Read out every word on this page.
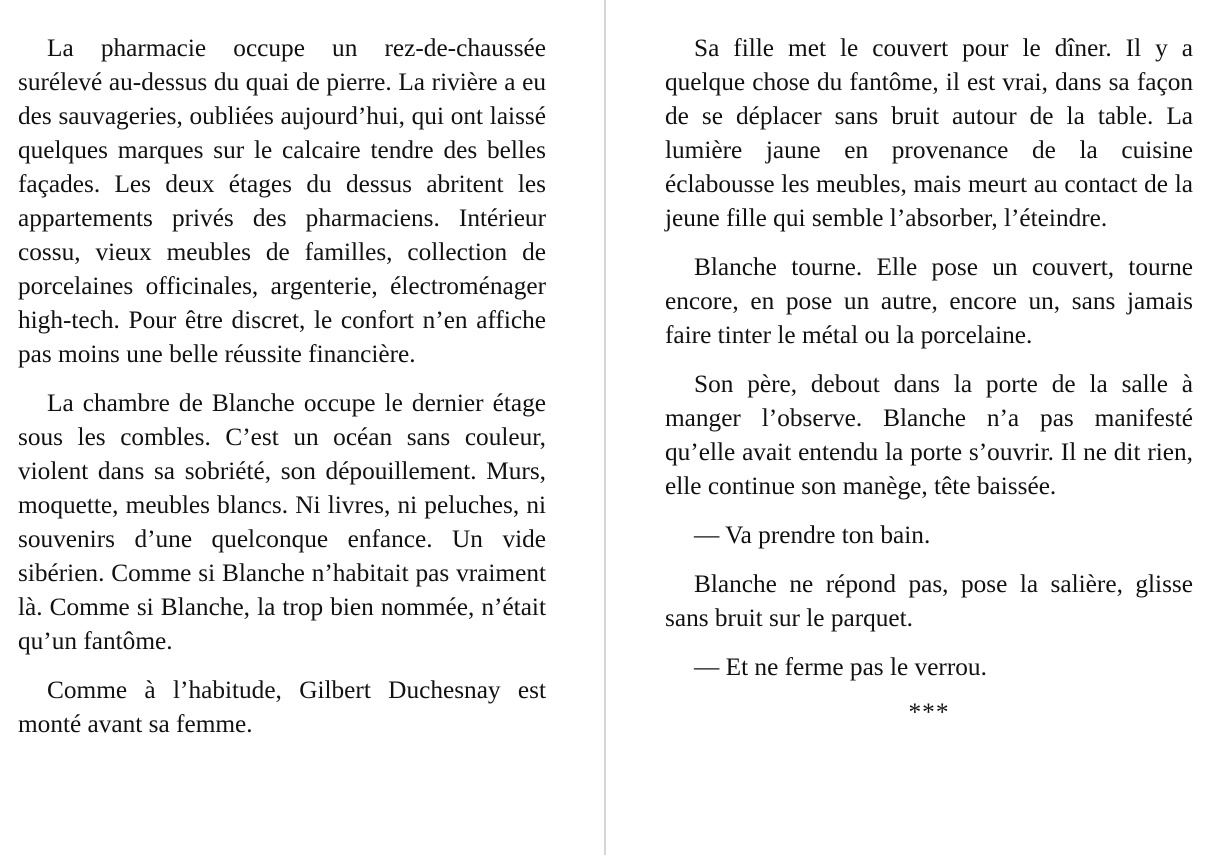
La pharmacie occupe un rez-de-chaussée surélevé au-dessus du quai de pierre. La rivière a eu des sauvageries, oubliées aujourd’hui, qui ont laissé quelques marques sur le calcaire tendre des belles façades. Les deux étages du dessus abritent les appartements privés des pharmaciens. Intérieur cossu, vieux meubles de familles, collection de porcelaines officinales, argenterie, électroménager high-tech. Pour être discret, le confort n’en affiche pas moins une belle réussite financière.

La chambre de Blanche occupe le dernier étage sous les combles. C’est un océan sans couleur, violent dans sa sobriété, son dépouillement. Murs, moquette, meubles blancs. Ni livres, ni peluches, ni souvenirs d’une quelconque enfance. Un vide sibérien. Comme si Blanche n’habitait pas vraiment là. Comme si Blanche, la trop bien nommée, n’était qu’un fantôme.

Comme à l’habitude, Gilbert Duchesnay est monté avant sa femme.

Sa fille met le couvert pour le dîner. Il y a quelque chose du fantôme, il est vrai, dans sa façon de se déplacer sans bruit autour de la table. La lumière jaune en provenance de la cuisine éclabousse les meubles, mais meurt au contact de la jeune fille qui semble l’absorber, l’éteindre.

Blanche tourne. Elle pose un couvert, tourne encore, en pose un autre, encore un, sans jamais faire tinter le métal ou la porcelaine.

Son père, debout dans la porte de la salle à manger l’observe. Blanche n’a pas manifesté qu’elle avait entendu la porte s’ouvrir. Il ne dit rien, elle continue son manège, tête baissée.

— Va prendre ton bain.

Blanche ne répond pas, pose la salière, glisse sans bruit sur le parquet.

— Et ne ferme pas le verrou.

***
